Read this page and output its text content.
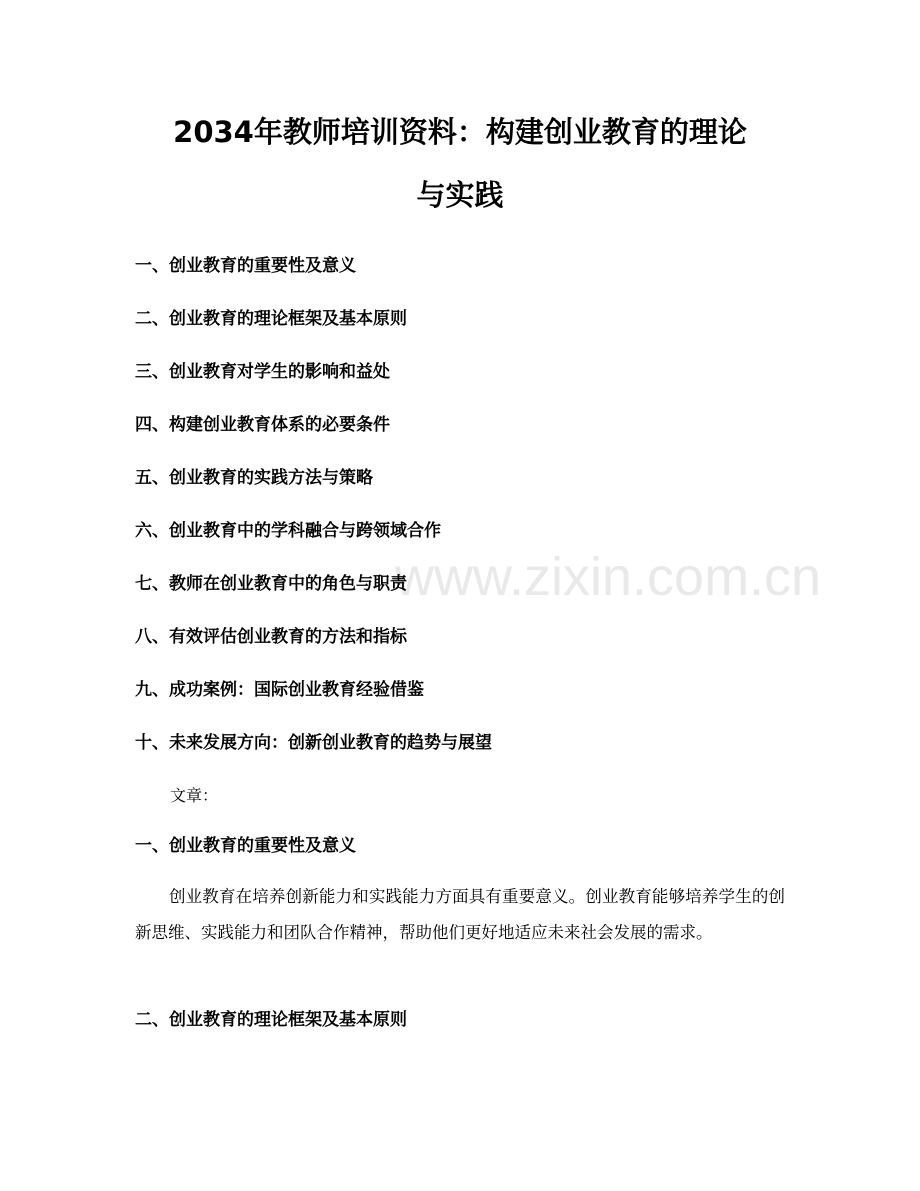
www.zixin.com.cn
2034年教师培训资料：构建创业教育的理论
与实践
一、创业教育的重要性及意义
二、创业教育的理论框架及基本原则
三、创业教育对学生的影响和益处
四、构建创业教育体系的必要条件
五、创业教育的实践方法与策略
六、创业教育中的学科融合与跨领域合作
七、教师在创业教育中的角色与职责
八、有效评估创业教育的方法和指标
九、成功案例：国际创业教育经验借鉴
十、未来发展方向：创新创业教育的趋势与展望
文章：
一、创业教育的重要性及意义

创业教育在培养创新能力和实践能力方面具有重要意义。创业教育能够培养学生的创新思维、实践能力和团队合作精神，帮助他们更好地适应未来社会发展的需求。

二、创业教育的理论框架及基本原则
